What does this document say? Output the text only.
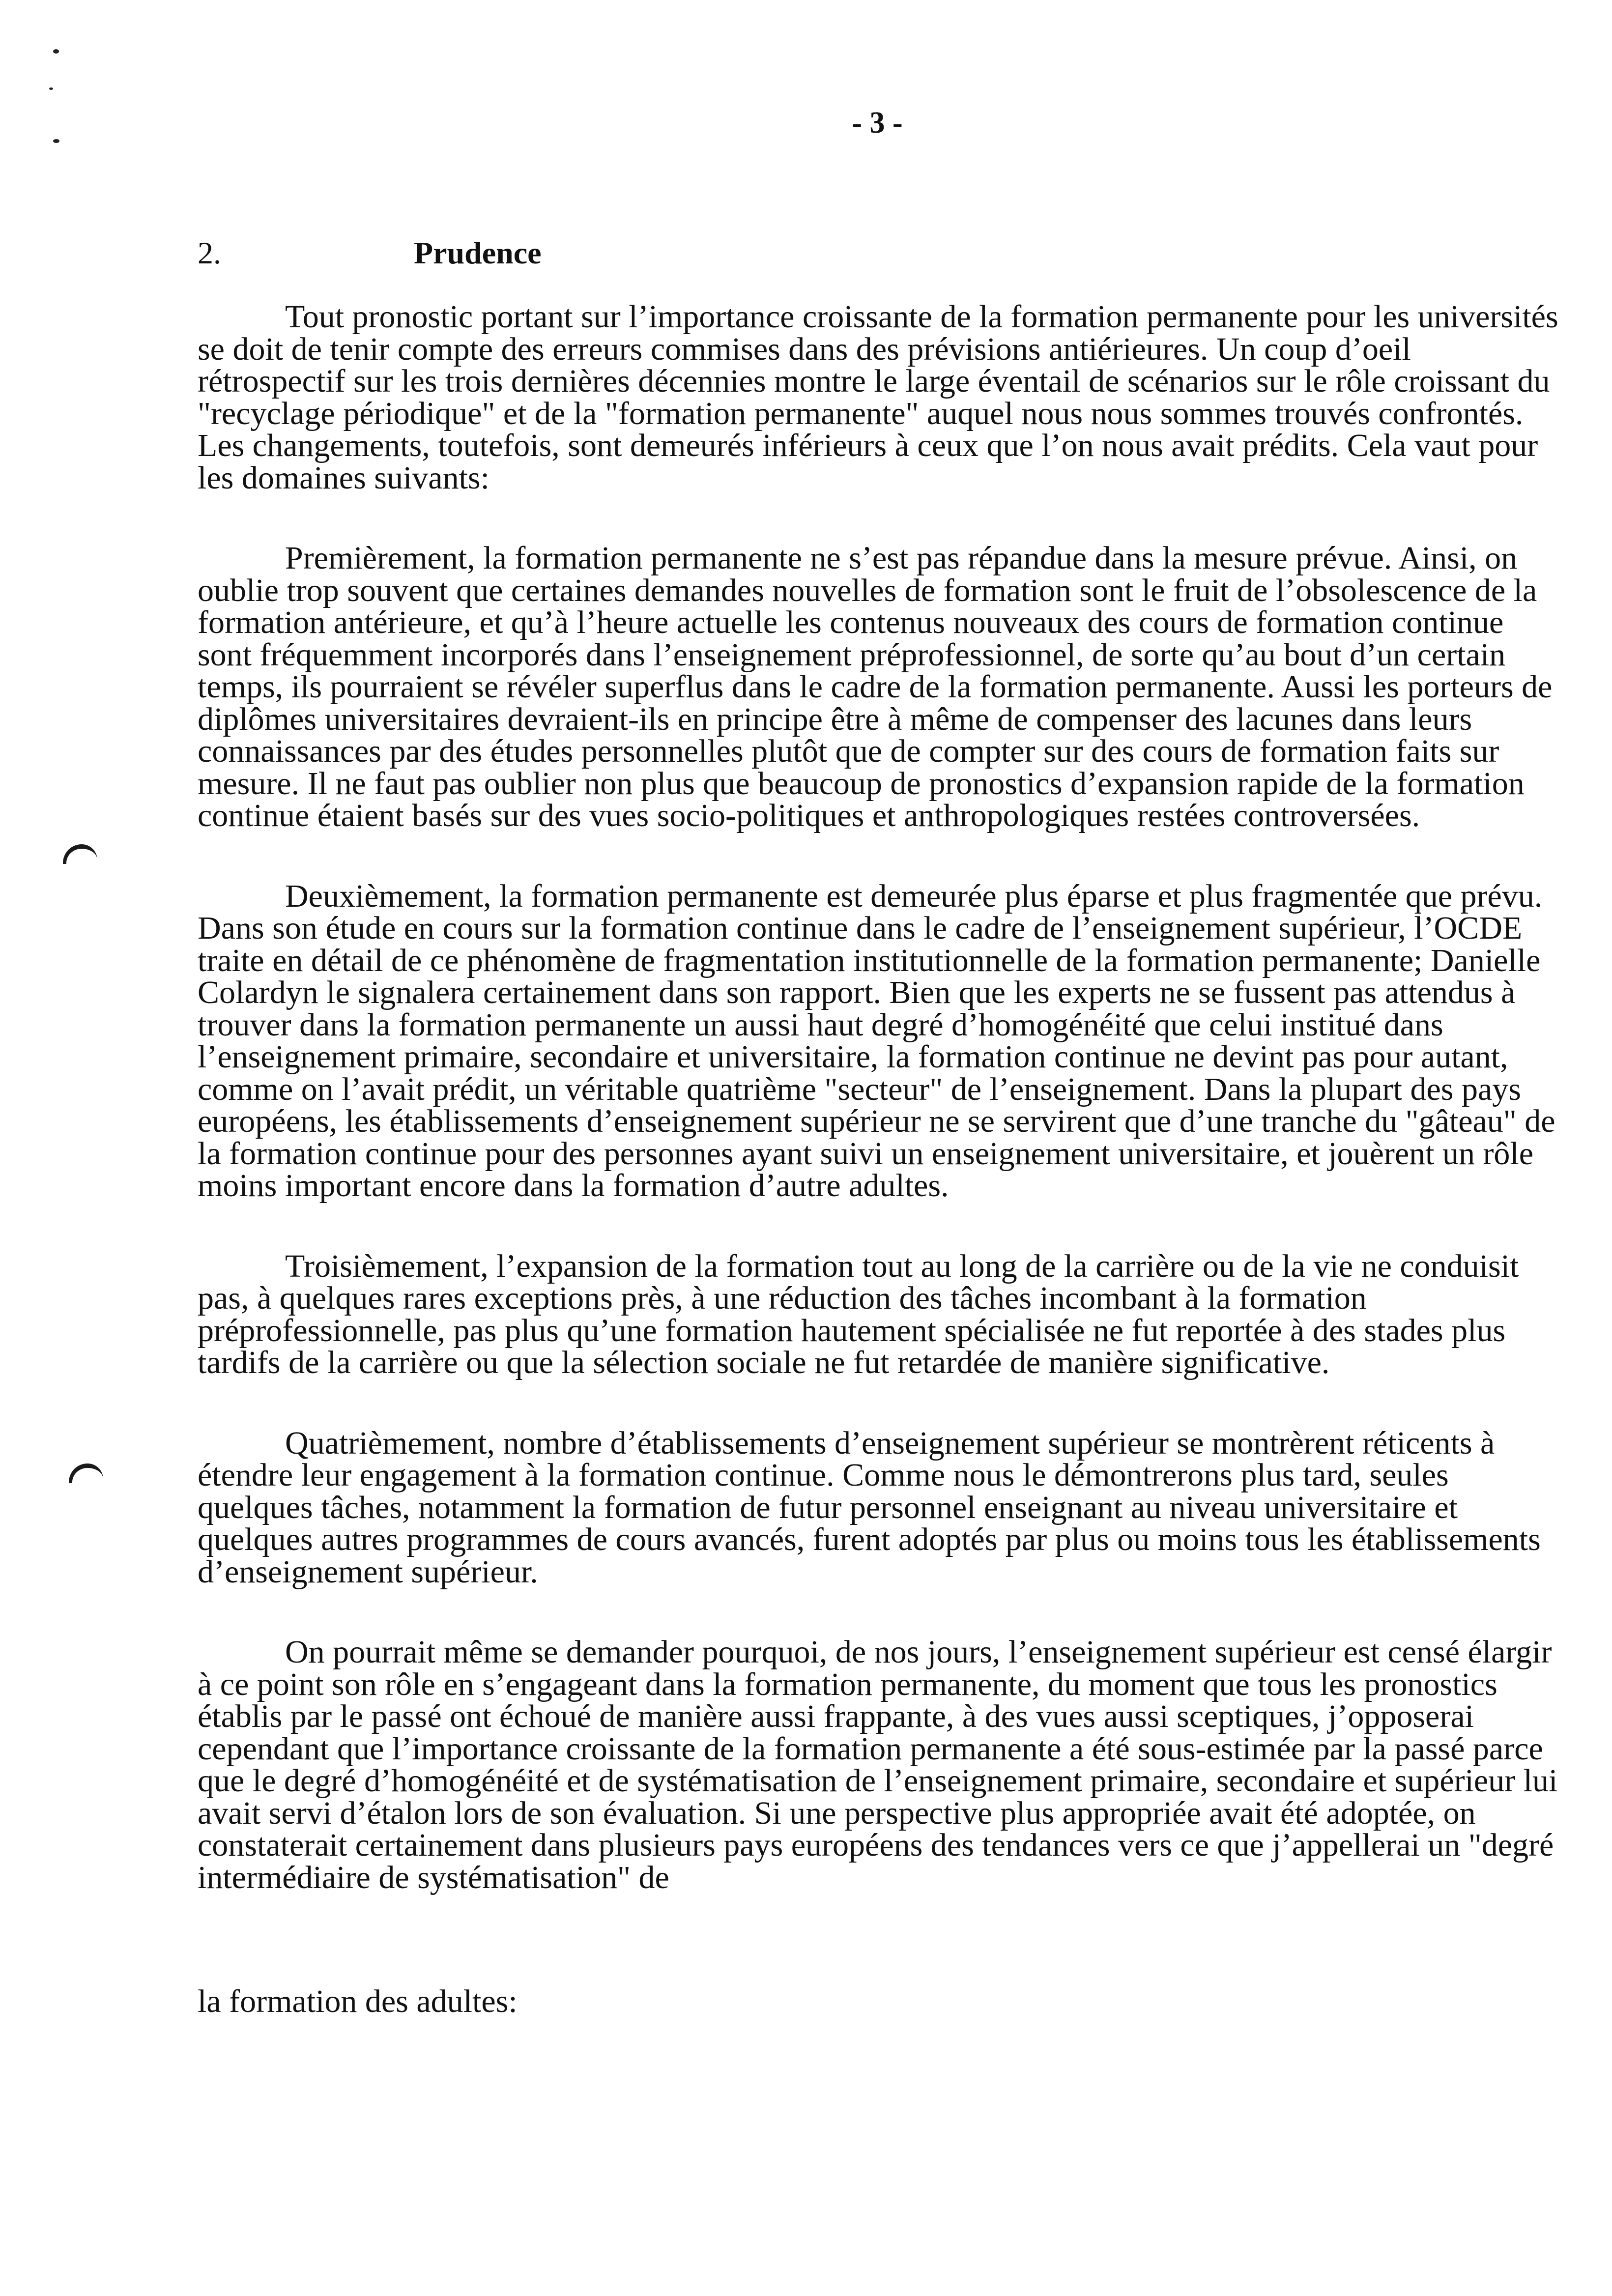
- 3 -
2.	Prudence

Tout pronostic portant sur l’importance croissante de la formation permanente pour les universités se doit de tenir compte des erreurs commises dans des prévisions antiérieures. Un coup d’oeil rétrospectif sur les trois dernières décennies montre le large éventail de scénarios sur le rôle croissant du "recyclage périodique" et de la "formation permanente" auquel nous nous sommes trouvés confrontés. Les changements, toutefois, sont demeurés inférieurs à ceux que l’on nous avait prédits. Cela vaut pour les domaines suivants:

Premièrement, la formation permanente ne s’est pas répandue dans la mesure prévue. Ainsi, on oublie trop souvent que certaines demandes nouvelles de formation sont le fruit de l’obsolescence de la formation antérieure, et qu’à l’heure actuelle les contenus nouveaux des cours de formation continue sont fréquemment incorporés dans l’enseignement préprofessionnel, de sorte qu’au bout d’un certain temps, ils pourraient se révéler superflus dans le cadre de la formation permanente. Aussi les porteurs de diplômes universitaires devraient-ils en principe être à même de compenser des lacunes dans leurs connaissances par des études personnelles plutôt que de compter sur des cours de formation faits sur mesure. Il ne faut pas oublier non plus que beaucoup de pronostics d’expansion rapide de la formation continue étaient basés sur des vues socio-politiques et anthropologiques restées controversées.

Deuxièmement, la formation permanente est demeurée plus éparse et plus fragmentée que prévu. Dans son étude en cours sur la formation continue dans le cadre de l’enseignement supérieur, l’OCDE traite en détail de ce phénomène de fragmentation institutionnelle de la formation permanente; Danielle Colardyn le signalera certainement dans son rapport. Bien que les experts ne se fussent pas attendus à trouver dans la formation permanente un aussi haut degré d’homogénéité que celui institué dans l’enseignement primaire, secondaire et universitaire, la formation continue ne devint pas pour autant, comme on l’avait prédit, un véritable quatrième "secteur" de l’enseignement. Dans la plupart des pays européens, les établissements d’enseignement supérieur ne se servirent que d’une tranche du "gâteau" de la formation continue pour des personnes ayant suivi un enseignement universitaire, et jouèrent un rôle moins important encore dans la formation d’autre adultes.

Troisièmement, l’expansion de la formation tout au long de la carrière ou de la vie ne conduisit pas, à quelques rares exceptions près, à une réduction des tâches incombant à la formation préprofessionnelle, pas plus qu’une formation hautement spécialisée ne fut reportée à des stades plus tardifs de la carrière ou que la sélection sociale ne fut retardée de manière significative.

Quatrièmement, nombre d’établissements d’enseignement supérieur se montrèrent réticents à étendre leur engagement à la formation continue. Comme nous le démontrerons plus tard, seules quelques tâches, notamment la formation de futur personnel enseignant au niveau universitaire et quelques autres programmes de cours avancés, furent adoptés par plus ou moins tous les établissements d’enseignement supérieur.

On pourrait même se demander pourquoi, de nos jours, l’enseignement supérieur est censé élargir à ce point son rôle en s’engageant dans la formation permanente, du moment que tous les pronostics établis par le passé ont échoué de manière aussi frappante, à des vues aussi sceptiques, j’opposerai cependant que l’importance croissante de la formation permanente a été sous-estimée par la passé parce que le degré d’homogénéité et de systématisation de l’enseignement primaire, secondaire et supérieur lui avait servi d’étalon lors de son évaluation. Si une perspective plus appropriée avait été adoptée, on constaterait certainement dans plusieurs pays européens des tendances vers ce que j’appellerai un "degré intermédiaire de systématisation" de

la formation des adultes:
